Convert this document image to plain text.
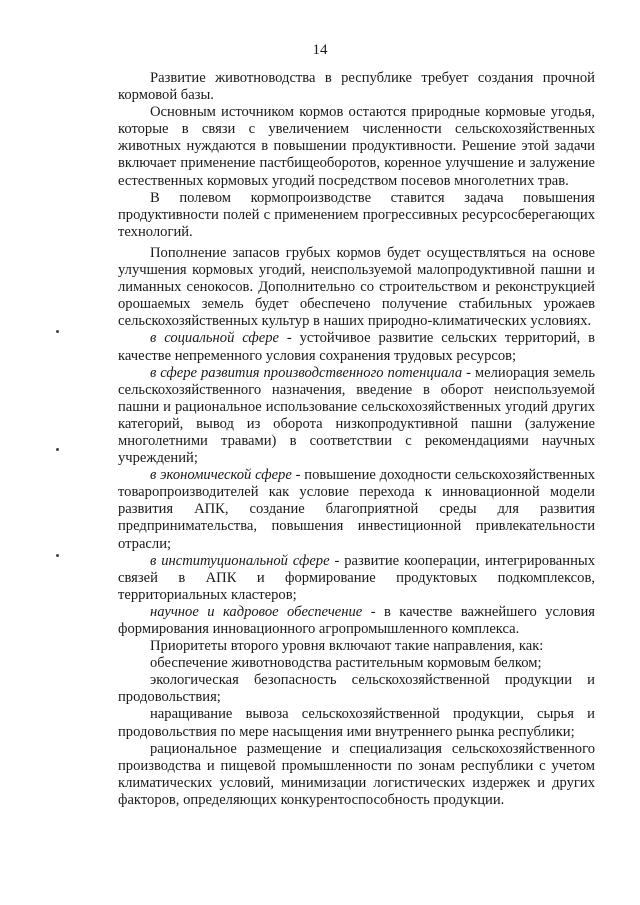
14

Развитие животноводства в республике требует создания прочной кормовой базы.

Основным источником кормов остаются природные кормовые угодья, которые в связи с увеличением численности сельскохозяйственных животных нуждаются в повышении продуктивности. Решение этой задачи включает применение пастбищеоборотов, коренное улучшение и залужение естественных кормовых угодий посредством посевов многолетних трав.

В полевом кормопроизводстве ставится задача повышения продуктивности полей с применением прогрессивных ресурсосберегающих технологий.

Пополнение запасов грубых кормов будет осуществляться на основе улучшения кормовых угодий, неиспользуемой малопродуктивной пашни и лиманных сенокосов. Дополнительно со строительством и реконструкцией орошаемых земель будет обеспечено получение стабильных урожаев сельскохозяйственных культур в наших природно-климатических условиях.

в социальной сфере - устойчивое развитие сельских территорий, в качестве непременного условия сохранения трудовых ресурсов;

в сфере развития производственного потенциала - мелиорация земель сельскохозяйственного назначения, введение в оборот неиспользуемой пашни и рациональное использование сельскохозяйственных угодий других категорий, вывод из оборота низкопродуктивной пашни (залужение многолетними травами) в соответствии с рекомендациями научных учреждений;

в экономической сфере - повышение доходности сельскохозяйственных товаропроизводителей как условие перехода к инновационной модели развития АПК, создание благоприятной среды для развития предпринимательства, повышения инвестиционной привлекательности отрасли;

в институциональной сфере - развитие кооперации, интегрированных связей в АПК и формирование продуктовых подкомплексов, территориальных кластеров;

научное и кадровое обеспечение - в качестве важнейшего условия формирования инновационного агропромышленного комплекса.

Приоритеты второго уровня включают такие направления, как:

обеспечение животноводства растительным кормовым белком;

экологическая безопасность сельскохозяйственной продукции и продовольствия;

наращивание вывоза сельскохозяйственной продукции, сырья и продовольствия по мере насыщения ими внутреннего рынка республики;

рациональное размещение и специализация сельскохозяйственного производства и пищевой промышленности по зонам республики с учетом климатических условий, минимизации логистических издержек и других факторов, определяющих конкурентоспособность продукции.
